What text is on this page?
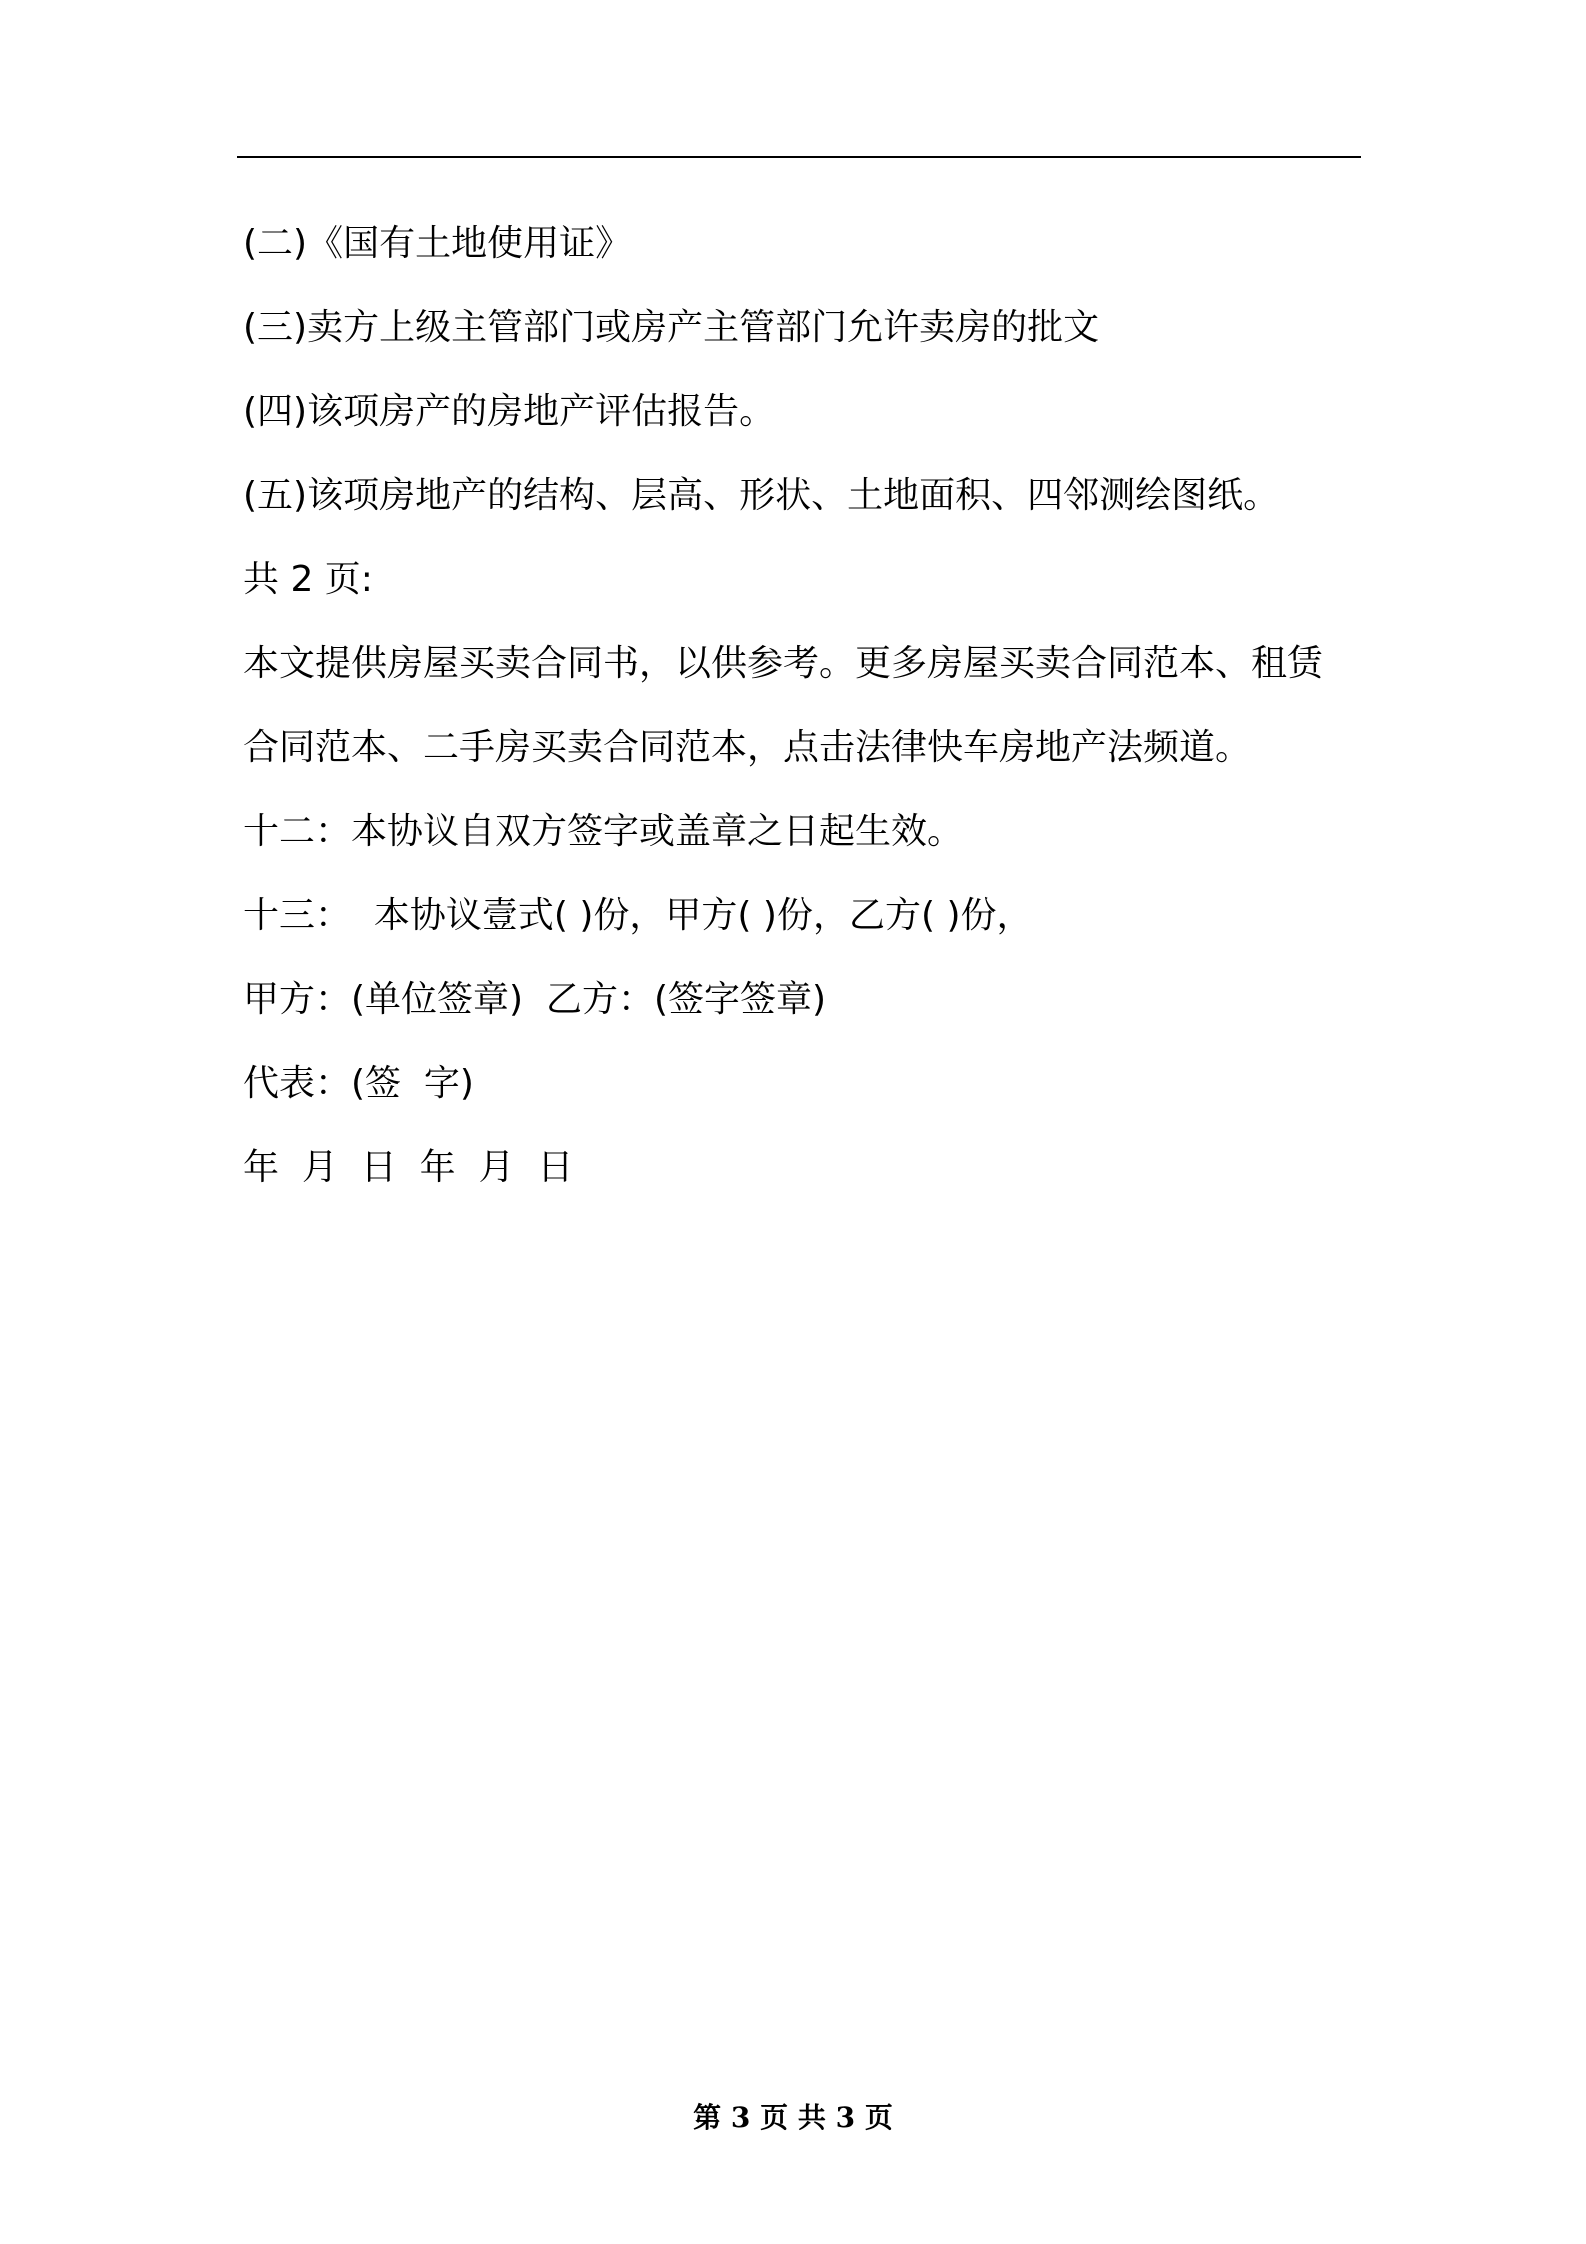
(二)《国有土地使用证》

(三)卖方上级主管部门或房产主管部门允许卖房的批文

(四)该项房产的房地产评估报告。

(五)该项房地产的结构、层高、形状、土地面积、四邻测绘图纸。

共 2 页:

本文提供房屋买卖合同书，以供参考。更多房屋买卖合同范本、租赁

合同范本、二手房买卖合同范本，点击法律快车房地产法频道。

十二：本协议自双方签字或盖章之日起生效。

十三：  本协议壹式( )份，甲方( )份，乙方( )份，

甲方：(单位签章)  乙方：(签字签章)

代表：(签  字)

年  月  日  年  月  日

第 3 页 共 3 页
